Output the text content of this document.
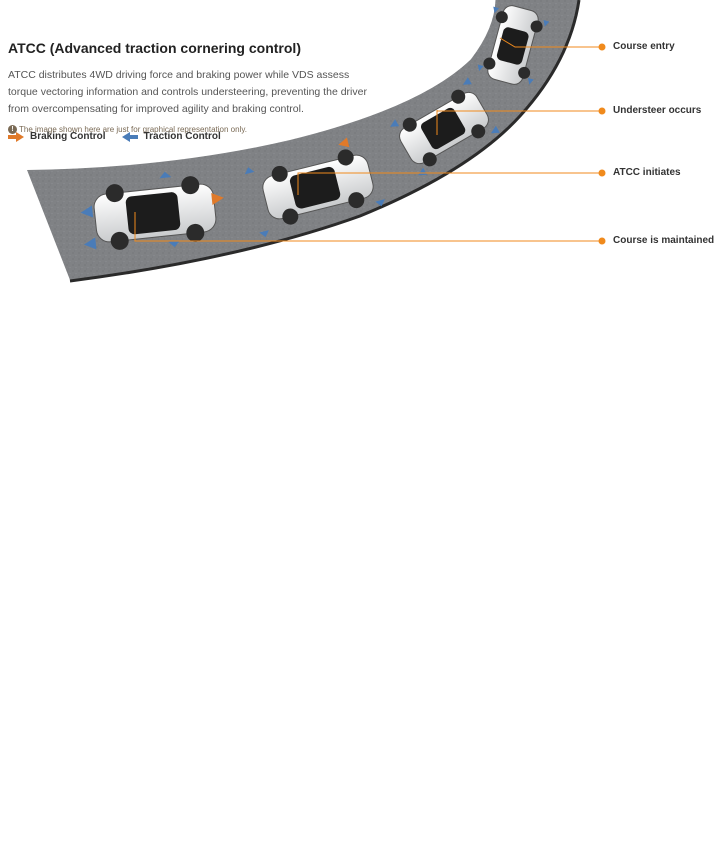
ATCC (Advanced traction cornering control)

ATCC distributes 4WD driving force and braking power while VDS assess torque vectoring information and controls understeering, preventing the driver from overcompensating for improved agility and braking control.

! The image shown here are just for graphical representation only.
Braking Control	Traction Control
Course entry
Understeer occurs
ATCC initiates
Course is maintained
